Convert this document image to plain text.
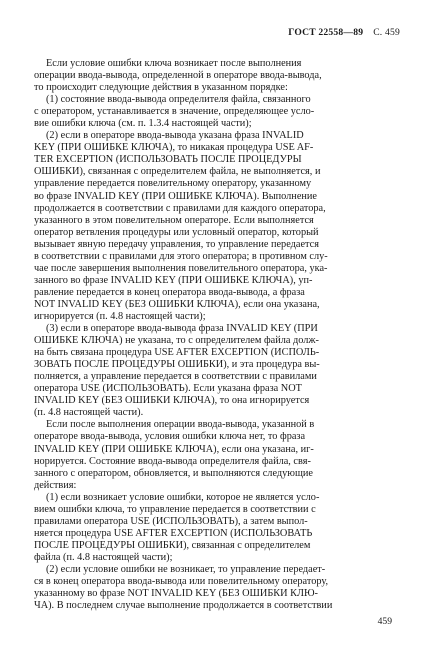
ГОСТ 22558—89 С. 459
Если условие ошибки ключа возникает после выполнения
операции ввода-вывода, определенной в операторе ввода-вывода,
то происходит следующие действия в указанном порядке:
(1) состояние ввода-вывода определителя файла, связанного
с оператором, устанавливается в значение, определяющее усло-
вие ошибки ключа (см. п. 1.3.4 настоящей части);
(2) если в операторе ввода-вывода указана фраза INVALID
KEY (ПРИ ОШИБКЕ КЛЮЧА), то никакая процедура USE AF-
TER EXCEPTION (ИСПОЛЬЗОВАТЬ ПОСЛЕ ПРОЦЕДУРЫ
ОШИБКИ), связанная с определителем файла, не выполняется, и
управление передается повелительному оператору, указанному
во фразе INVALID KEY (ПРИ ОШИБКЕ КЛЮЧА). Выполнение
продолжается в соответствии с правилами для каждого оператора,
указанного в этом повелительном операторе. Если выполняется
оператор ветвления процедуры или условный оператор, который
вызывает явную передачу управления, то управление передается
в соответствии с правилами для этого оператора; в противном слу-
чае после завершения выполнения повелительного оператора, ука-
занного во фразе INVALID KEY (ПРИ ОШИБКЕ КЛЮЧА), уп-
равление передается в конец оператора ввода-вывода, а фраза
NOT INVALID KEY (БЕЗ ОШИБКИ КЛЮЧА), если она указана,
игнорируется (п. 4.8 настоящей части);
(3) если в операторе ввода-вывода фраза INVALID KEY (ПРИ
ОШИБКЕ КЛЮЧА) не указана, то с определителем файла долж-
на быть связана процедура USE AFTER EXCEPTION (ИСПОЛЬ-
ЗОВАТЬ ПОСЛЕ ПРОЦЕДУРЫ ОШИБКИ), и эта процедура вы-
полняется, а управление передается в соответствии с правилами
оператора USE (ИСПОЛЬЗОВАТЬ). Если указана фраза NOT
INVALID KEY (БЕЗ ОШИБКИ КЛЮЧА), то она игнорируется
(п. 4.8 настоящей части).
Если после выполнения операции ввода-вывода, указанной в
операторе ввода-вывода, условия ошибки ключа нет, то фраза
INVALID KEY (ПРИ ОШИБКЕ КЛЮЧА), если она указана, иг-
норируется. Состояние ввода-вывода определителя файла, свя-
занного с оператором, обновляется, и выполняются следующие
действия:
(1) если возникает условие ошибки, которое не является усло-
вием ошибки ключа, то управление передается в соответствии с
правилами оператора USE (ИСПОЛЬЗОВАТЬ), а затем выпол-
няется процедура USE AFTER EXCEPTION (ИСПОЛЬЗОВАТЬ
ПОСЛЕ ПРОЦЕДУРЫ ОШИБКИ), связанная с определителем
файла (п. 4.8 настоящей части);
(2) если условие ошибки не возникает, то управление передает-
ся в конец оператора ввода-вывода или повелительному оператору,
указанному во фразе NOT INVALID KEY (БЕЗ ОШИБКИ КЛЮ-
ЧА). В последнем случае выполнение продолжается в соответствии
459
